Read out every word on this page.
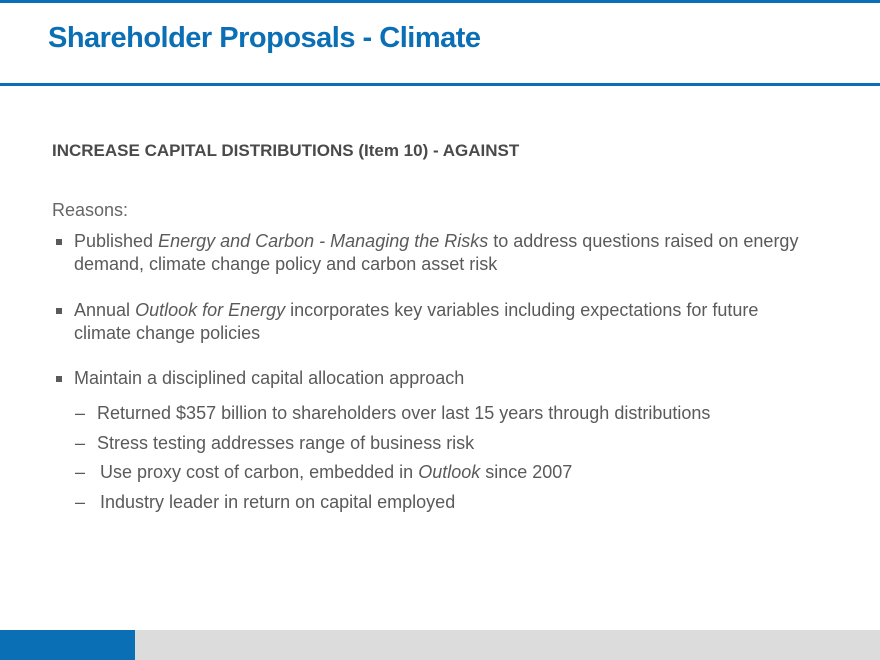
Shareholder Proposals - Climate
INCREASE CAPITAL DISTRIBUTIONS (Item 10) - AGAINST
Reasons:
Published Energy and Carbon - Managing the Risks to address questions raised on energy demand, climate change policy and carbon asset risk
Annual Outlook for Energy incorporates key variables including expectations for future climate change policies
Maintain a disciplined capital allocation approach
– Returned $357 billion to shareholders over last 15 years through distributions
– Stress testing addresses range of business risk
– Use proxy cost of carbon, embedded in Outlook since 2007
– Industry leader in return on capital employed
